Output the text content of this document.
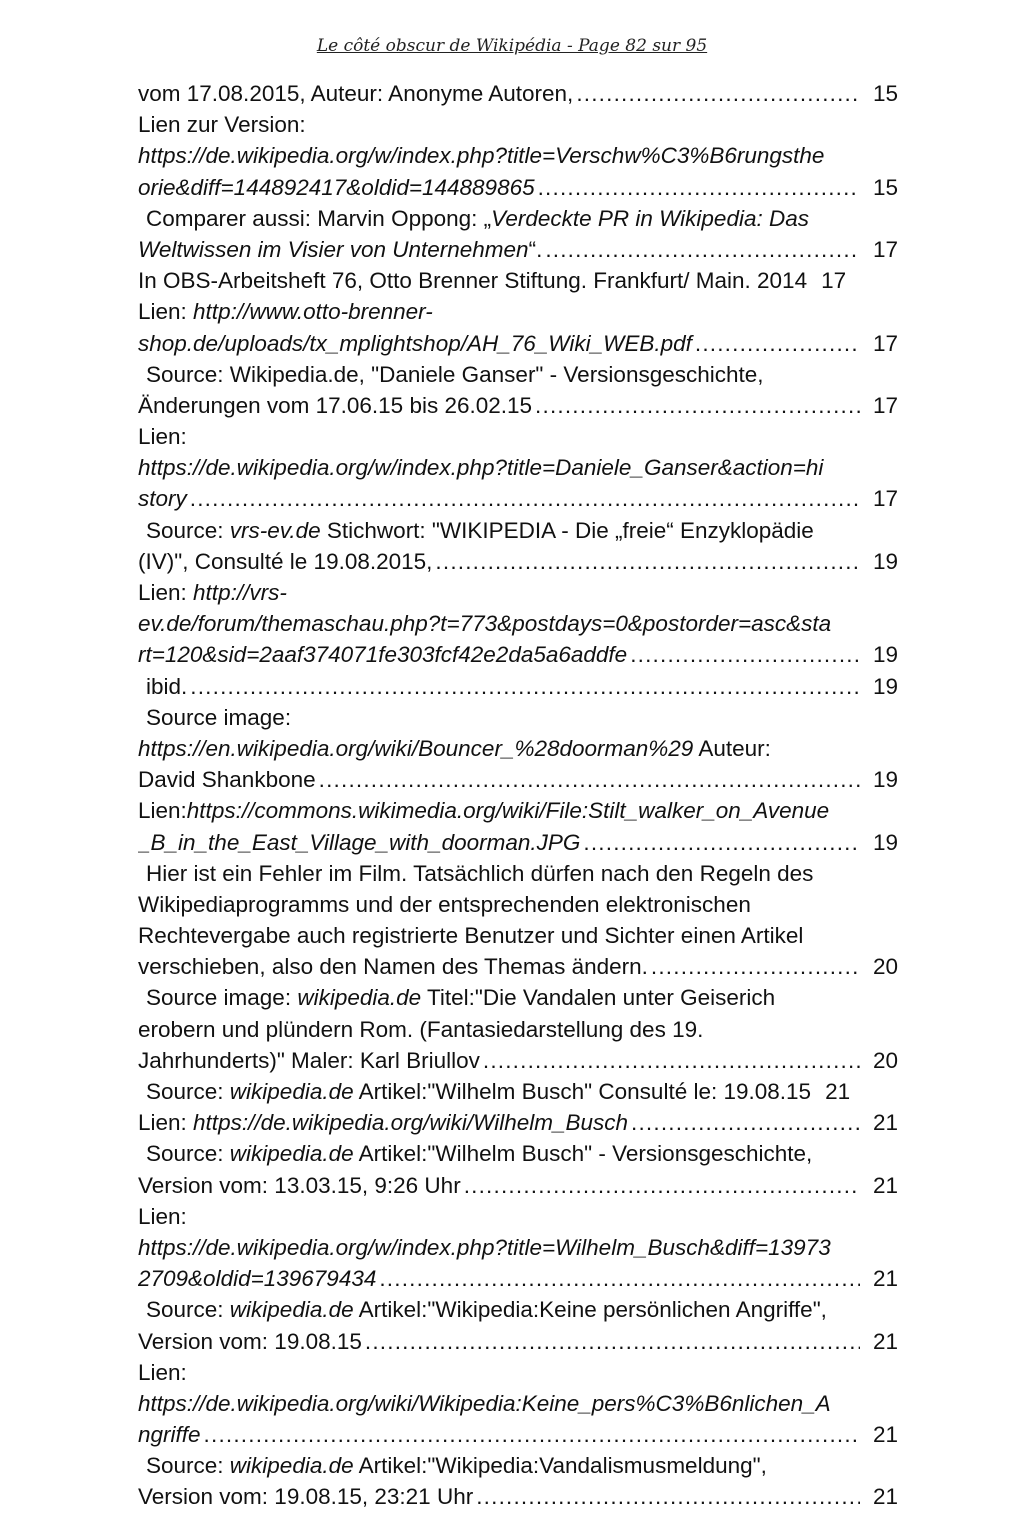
Le côté obscur de Wikipédia - Page 82 sur 95
vom 17.08.2015, Auteur: Anonyme Autoren, .....	15
Lien zur Version:
https://de.wikipedia.org/w/index.php?title=Verschw%C3%B6rungsthe
orie&diff=144892417&oldid=144889865 .....	15
Comparer aussi: Marvin Oppong: „Verdeckte PR in Wikipedia: Das
Weltwissen im Visier von Unternehmen“. .....	17
In OBS-Arbeitsheft 76, Otto Brenner Stiftung. Frankfurt/ Main. 2014 17
Lien: http://www.otto-brenner-
shop.de/uploads/tx_mplightshop/AH_76_Wiki_WEB.pdf .....	17
Source: Wikipedia.de, "Daniele Ganser" - Versionsgeschichte,
Änderungen vom 17.06.15 bis 26.02.15 .....	17
Lien:
https://de.wikipedia.org/w/index.php?title=Daniele_Ganser&action=hi
story .....	17
Source: vrs-ev.de Stichwort: "WIKIPEDIA - Die „freie“ Enzyklopädie
(IV)", Consulté le 19.08.2015, .....	19
Lien: http://vrs-
ev.de/forum/themaschau.php?t=773&postdays=0&postorder=asc&sta
rt=120&sid=2aaf374071fe303fcf42e2da5a6addfe .....	19
ibid. .....	19
Source image:
https://en.wikipedia.org/wiki/Bouncer_%28doorman%29 Auteur:
David Shankbone .....	19
Lien:https://commons.wikimedia.org/wiki/File:Stilt_walker_on_Avenue
_B_in_the_East_Village_with_doorman.JPG .....	19
Hier ist ein Fehler im Film. Tatsächlich dürfen nach den Regeln des
Wikipediaprogramms und der entsprechenden elektronischen
Rechtevergabe auch registrierte Benutzer und Sichter einen Artikel
verschieben, also den Namen des Themas ändern. .....	20
Source image: wikipedia.de Titel:"Die Vandalen unter Geiserich
erobern und plündern Rom. (Fantasiedarstellung des 19.
Jahrhunderts)" Maler: Karl Briullov .....	20
Source: wikipedia.de Artikel:"Wilhelm Busch" Consulté le: 19.08.15 21
Lien: https://de.wikipedia.org/wiki/Wilhelm_Busch .....	21
Source: wikipedia.de Artikel:"Wilhelm Busch" - Versionsgeschichte,
Version vom: 13.03.15, 9:26 Uhr .....	21
Lien:
https://de.wikipedia.org/w/index.php?title=Wilhelm_Busch&diff=13973
2709&oldid=139679434 .....	21
Source: wikipedia.de Artikel:"Wikipedia:Keine persönlichen Angriffe",
Version vom: 19.08.15 .....	21
Lien:
https://de.wikipedia.org/wiki/Wikipedia:Keine_pers%C3%B6nlichen_A
ngriffe .....	21
Source: wikipedia.de Artikel:"Wikipedia:Vandalismusmeldung",
Version vom: 19.08.15, 23:21 Uhr .....	21
